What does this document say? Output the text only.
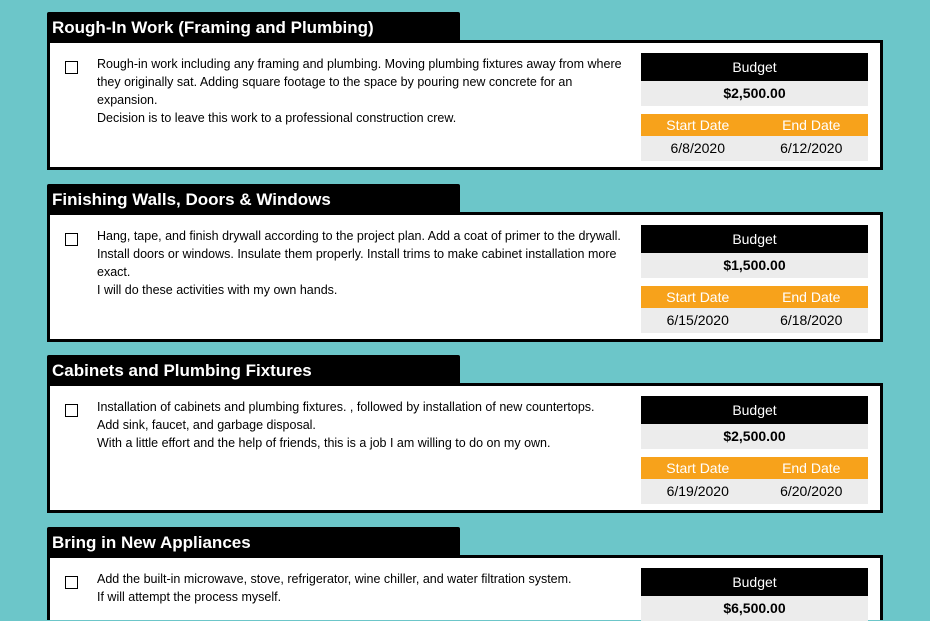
Rough-In Work (Framing and Plumbing)
Rough-in work including any framing and plumbing. Moving plumbing fixtures away from where they originally sat. Adding square footage to the space by pouring new concrete for an expansion.
Decision is to leave this work to a professional construction crew.
Budget
$2,500.00
Start Date	End Date
6/8/2020	6/12/2020
Finishing Walls, Doors & Windows
Hang, tape, and finish drywall according to the project plan. Add a coat of primer to the drywall.
Install doors or windows. Insulate them properly. Install trims to make cabinet installation more exact.
I will do these activities with my own hands.
Budget
$1,500.00
Start Date	End Date
6/15/2020	6/18/2020
Cabinets and Plumbing Fixtures
Installation of cabinets and plumbing fixtures. , followed by installation of new countertops.
Add sink, faucet, and garbage disposal.
With a little effort and the help of friends, this is a job I am willing to do on my own.
Budget
$2,500.00
Start Date	End Date
6/19/2020	6/20/2020
Bring in New Appliances
Add the built-in microwave, stove, refrigerator, wine chiller, and water filtration system.
If will attempt the process myself.
Budget
$6,500.00
